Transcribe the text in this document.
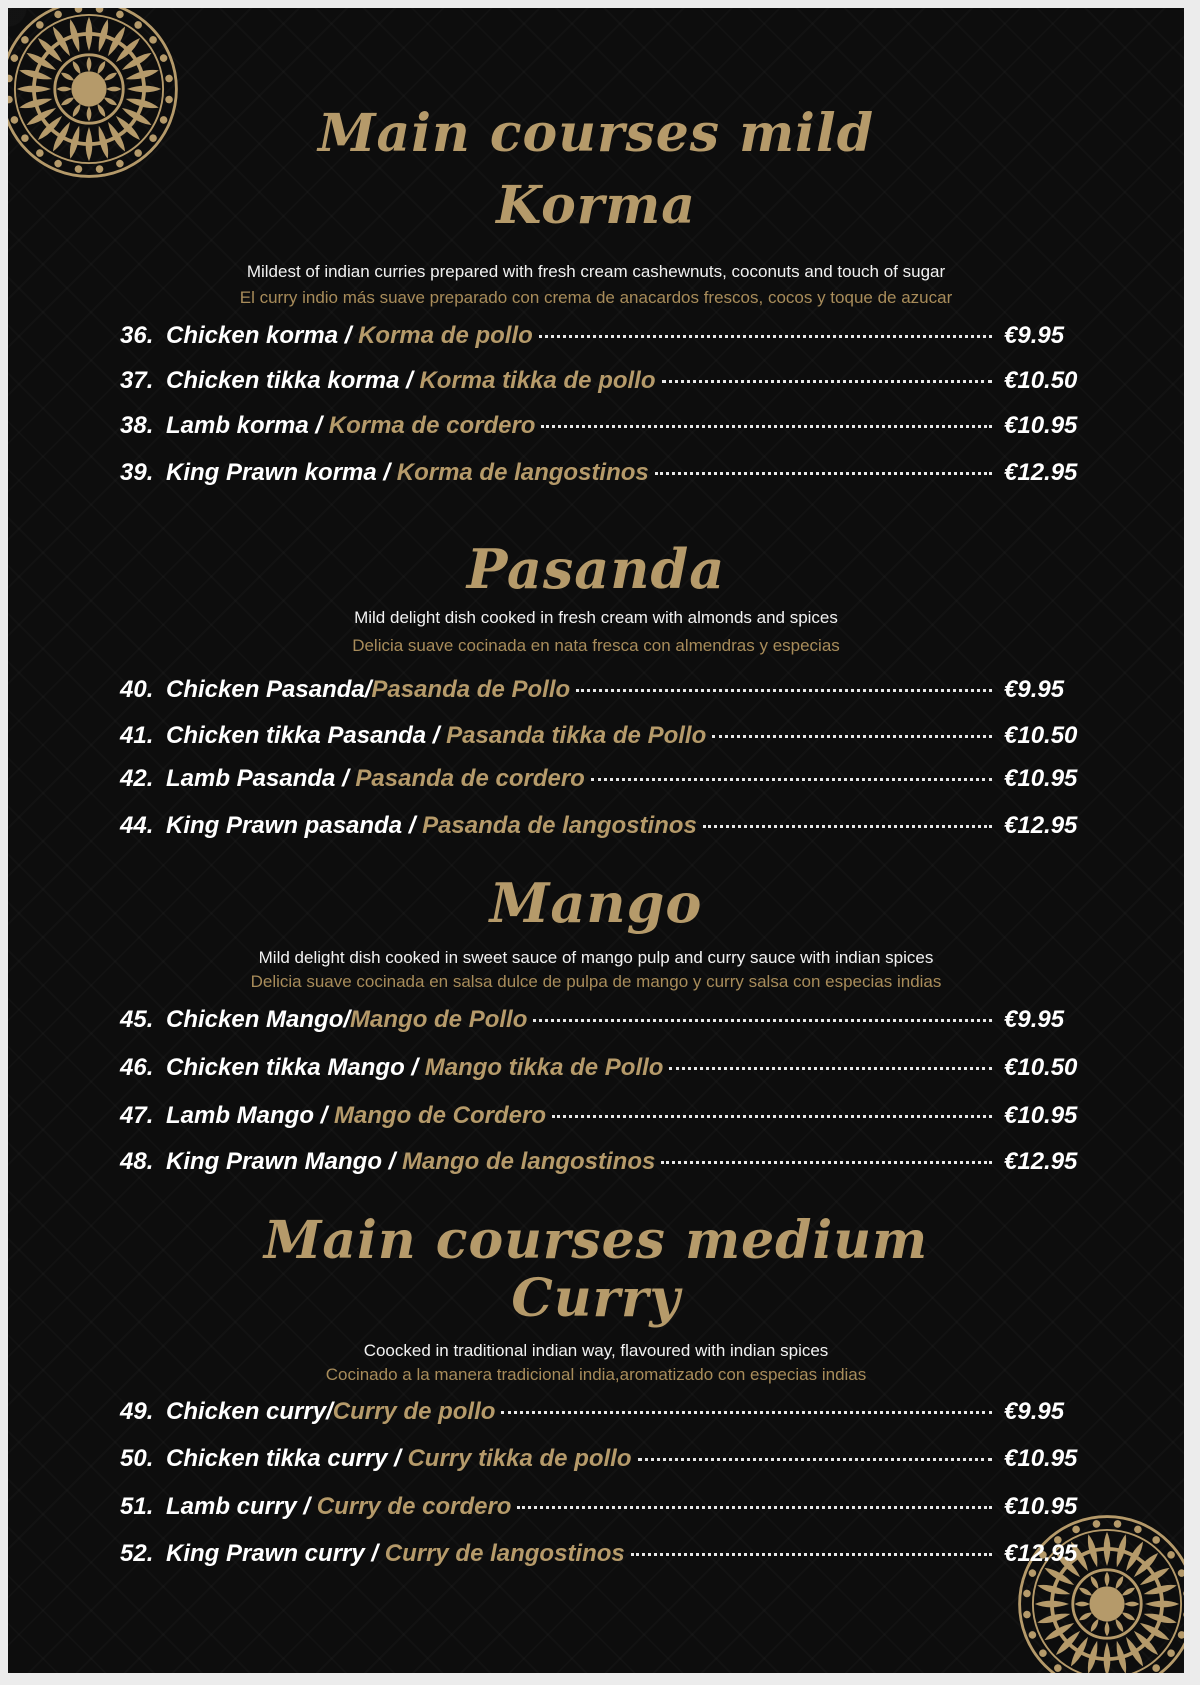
Main courses mild
Korma
Mildest of indian curries prepared with fresh cream cashewnuts, coconuts and touch of sugar
El curry indio más suave preparado con crema de anacardos frescos, cocos y toque de azucar
36. Chicken korma / Korma de pollo	€9.95
37. Chicken tikka korma / Korma tikka de pollo	€10.50
38. Lamb korma / Korma de cordero	€10.95
39. King Prawn korma / Korma de langostinos	€12.95
Pasanda
Mild delight dish cooked in fresh cream with almonds and spices
Delicia suave cocinada en nata fresca con almendras y especias
40. Chicken Pasanda / Pasanda de Pollo	€9.95
41. Chicken tikka Pasanda / Pasanda tikka de Pollo	€10.50
42. Lamb Pasanda / Pasanda de cordero	€10.95
44. King Prawn pasanda / Pasanda de langostinos	€12.95
Mango
Mild delight dish cooked in sweet sauce of mango pulp and curry sauce with indian spices
Delicia suave cocinada en salsa dulce de pulpa de mango y curry salsa con especias indias
45. Chicken Mango / Mango de Pollo	€9.95
46. Chicken tikka Mango / Mango tikka de Pollo	€10.50
47. Lamb Mango / Mango de Cordero	€10.95
48. King Prawn Mango / Mango de langostinos	€12.95
Main courses medium
Curry
Coocked in traditional indian way, flavoured with indian spices
Cocinado a la manera tradicional india,aromatizado con especias indias
49. Chicken curry / Curry de pollo	€9.95
50. Chicken tikka curry / Curry tikka de pollo	€10.95
51. Lamb curry / Curry de cordero	€10.95
52. King Prawn curry / Curry de langostinos	€12.95
